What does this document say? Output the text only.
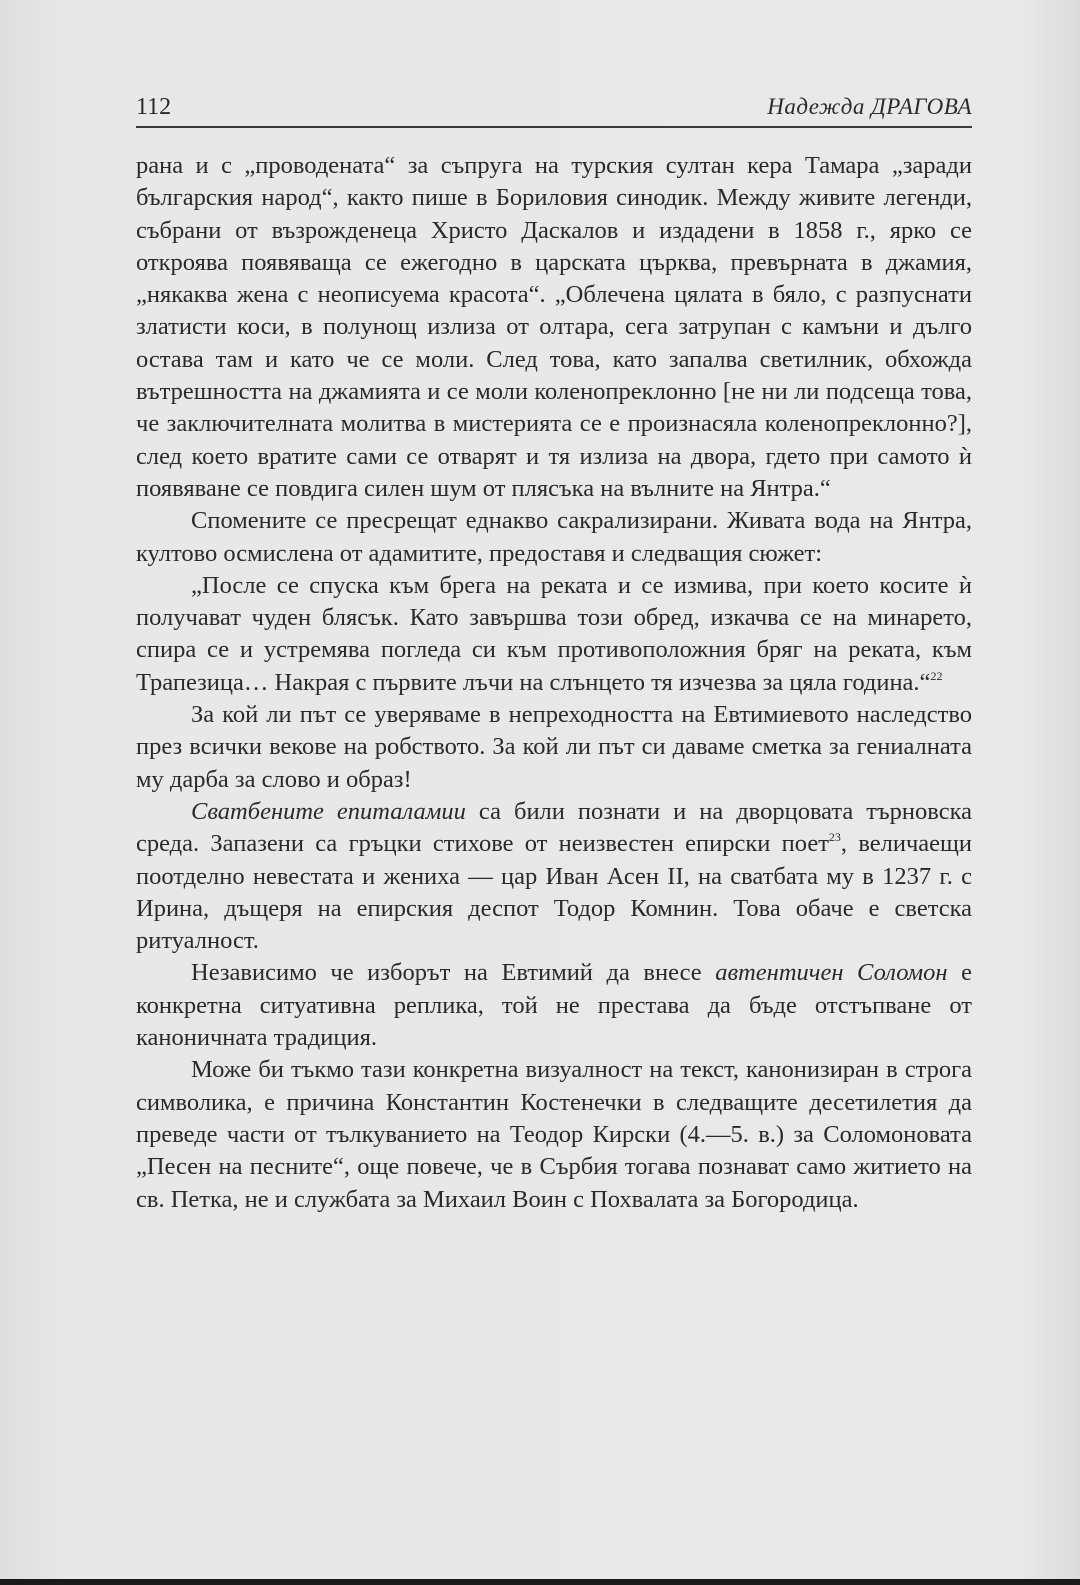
112	Надежда ДРАГОВА

рана и с „проводената“ за съпруга на турския султан кера Тамара „заради българския народ“, както пише в Бориловия синодик. Между живите легенди, събрани от възрожденеца Христо Даскалов и издадени в 1858 г., ярко се откроява появяваща се ежегодно в царската църква, превърната в джамия, „някаква жена с неописуема красота“. „Облечена цялата в бяло, с разпуснати златисти коси, в полунощ излиза от олтара, сега затрупан с камъни и дълго остава там и като че се моли. След това, като запалва светилник, обхожда вътрешността на джамията и се моли коленопреклонно [не ни ли подсеща това, че заключителната молитва в мистерията се е произнасяла коленопреклонно?], след което вратите сами се отварят и тя излиза на двора, гдето при самото ѝ появяване се повдига силен шум от плясъка на вълните на Янтра.“

Спомените се пресрещат еднакво сакрализирани. Живата вода на Янтра, култово осмислена от адамитите, предоставя и следващия сюжет:

„После се спуска към брега на реката и се измива, при което косите ѝ получават чуден блясък. Като завършва този обред, изкачва се на минарето, спира се и устремява погледа си към противоположния бряг на реката, към Трапезица… Накрая с първите лъчи на слънцето тя изчезва за цяла година.“$^{22}$

За кой ли път се уверяваме в непреходността на Евтимиевото наследство през всички векове на робството. За кой ли път си даваме сметка за гениалната му дарба за слово и образ!

Сватбените епиталамии са били познати и на дворцовата търновска среда. Запазени са гръцки стихове от неизвестен епирски поет$^{23}$, величаещи поотделно невестата и жениха — цар Иван Асен II, на сватбата му в 1237 г. с Ирина, дъщеря на епирския деспот Тодор Комнин. Това обаче е светска ритуалност.

Независимо че изборът на Евтимий да внесе автентичен Соломон е конкретна ситуативна реплика, той не престава да бъде отстъпване от каноничната традиция.

Може би тъкмо тази конкретна визуалност на текст, канонизиран в строга символика, е причина Константин Костенечки в следващите десетилетия да преведе части от тълкуванието на Теодор Кирски (4.—5. в.) за Соломоновата „Песен на песните“, още повече, че в Сърбия тогава познават само житието на св. Петка, не и службата за Михаил Воин с Похвалата за Богородица.
